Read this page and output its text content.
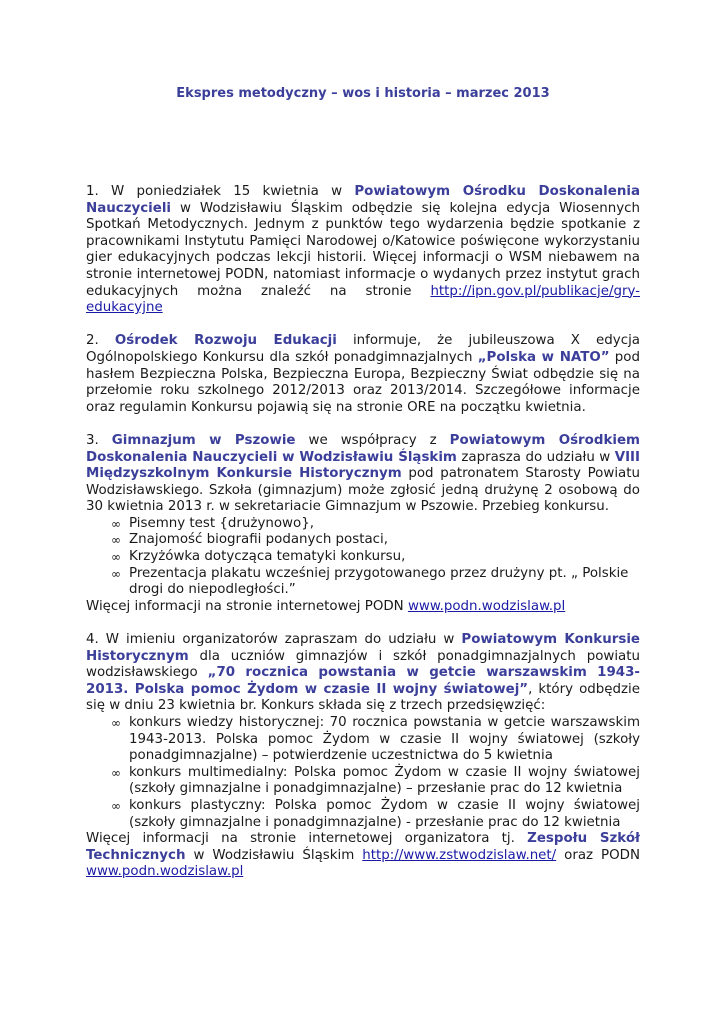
Ekspres metodyczny – wos i historia – marzec 2013

1. W poniedziałek 15 kwietnia w Powiatowym Ośrodku Doskonalenia Nauczycieli w Wodzisławiu Śląskim odbędzie się kolejna edycja Wiosennych Spotkań Metodycznych. Jednym z punktów tego wydarzenia będzie spotkanie z pracownikami Instytutu Pamięci Narodowej o/Katowice poświęcone wykorzystaniu gier edukacyjnych podczas lekcji historii. Więcej informacji o WSM niebawem na stronie internetowej PODN, natomiast informacje o wydanych przez instytut grach edukacyjnych można znaleźć na stronie http://ipn.gov.pl/publikacje/gry-edukacyjne

2. Ośrodek Rozwoju Edukacji informuje, że jubileuszowa X edycja Ogólnopolskiego Konkursu dla szkół ponadgimnazjalnych „Polska w NATO” pod hasłem Bezpieczna Polska, Bezpieczna Europa, Bezpieczny Świat odbędzie się na przełomie roku szkolnego 2012/2013 oraz 2013/2014. Szczegółowe informacje oraz regulamin Konkursu pojawią się na stronie ORE na początku kwietnia.

3. Gimnazjum w Pszowie we współpracy z Powiatowym Ośrodkiem Doskonalenia Nauczycieli w Wodzisławiu Śląskim zaprasza do udziału w VIII Międzyszkolnym Konkursie Historycznym pod patronatem Starosty Powiatu Wodzisławskiego. Szkoła (gimnazjum) może zgłosić jedną drużynę 2 osobową do 30 kwietnia 2013 r. w sekretariacie Gimnazjum w Pszowie. Przebieg konkursu.

∞ Pisemny test {drużynowo},
∞ Znajomość biografii podanych postaci,
∞ Krzyżówka dotycząca tematyki konkursu,
∞ Prezentacja plakatu wcześniej przygotowanego przez drużyny pt. „ Polskie drogi do niepodległości.”

Więcej informacji na stronie internetowej PODN www.podn.wodzislaw.pl

4. W imieniu organizatorów zapraszam do udziału w Powiatowym Konkursie Historycznym dla uczniów gimnazjów i szkół ponadgimnazjalnych powiatu wodzisławskiego „70 rocznica powstania w getcie warszawskim 1943-2013. Polska pomoc Żydom w czasie II wojny światowej”, który odbędzie się w dniu 23 kwietnia br. Konkurs składa się z trzech przedsięwzięć:

∞ konkurs wiedzy historycznej: 70 rocznica powstania w getcie warszawskim 1943-2013. Polska pomoc Żydom w czasie II wojny światowej (szkoły ponadgimnazjalne) – potwierdzenie uczestnictwa do 5 kwietnia
∞ konkurs multimedialny: Polska pomoc Żydom w czasie II wojny światowej (szkoły gimnazjalne i ponadgimnazjalne) – przesłanie prac do 12 kwietnia
∞ konkurs plastyczny: Polska pomoc Żydom w czasie II wojny światowej (szkoły gimnazjalne i ponadgimnazjalne) - przesłanie prac do 12 kwietnia

Więcej informacji na stronie internetowej organizatora tj. Zespołu Szkół Technicznych w Wodzisławiu Śląskim http://www.zstwodzislaw.net/ oraz PODN www.podn.wodzislaw.pl
